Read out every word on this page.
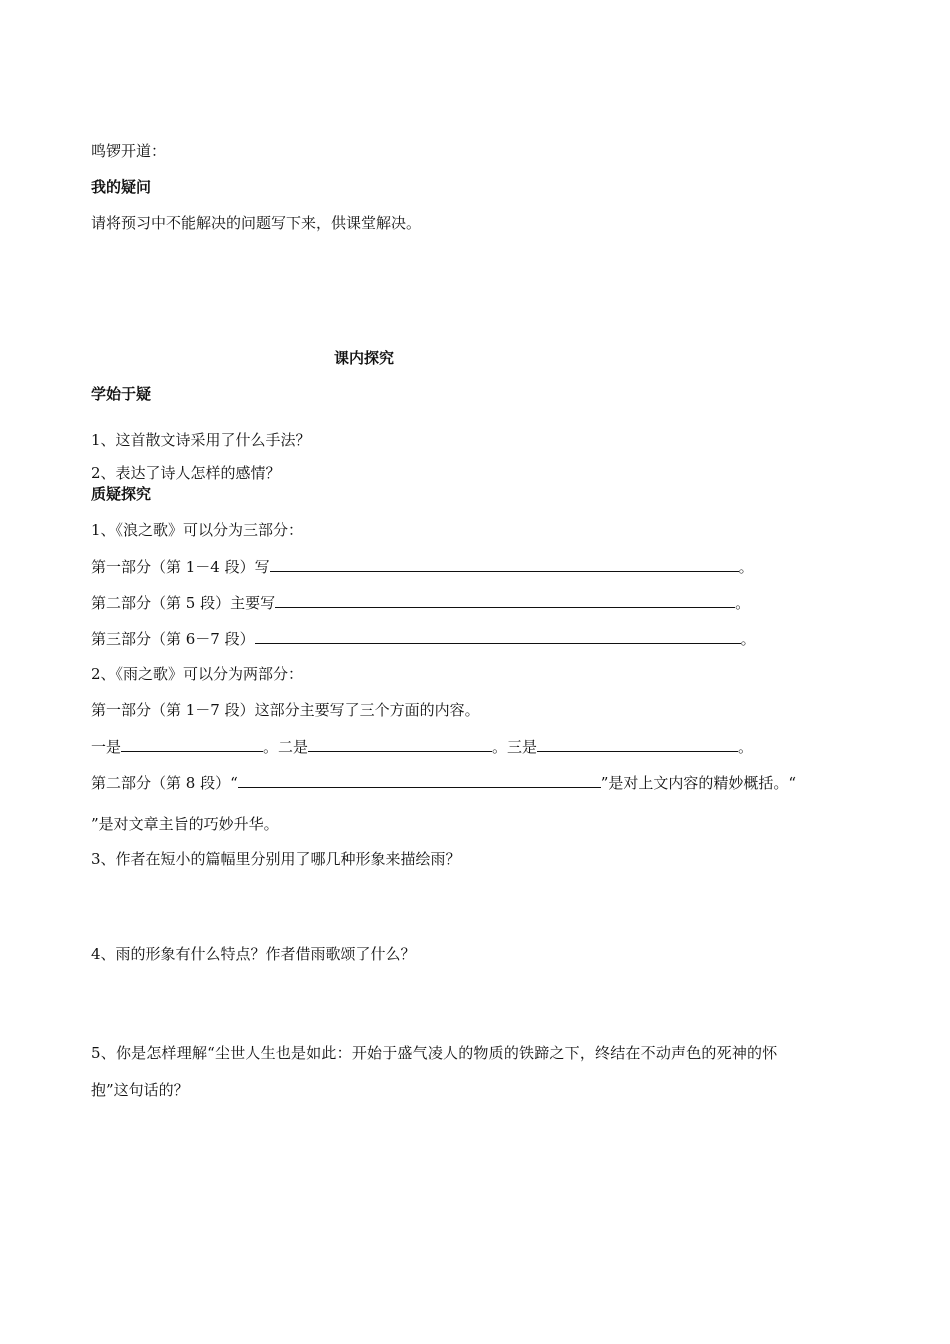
鸣锣开道：
我的疑问
请将预习中不能解决的问题写下来，供课堂解决。
课内探究
学始于疑
1、这首散文诗采用了什么手法？
2、表达了诗人怎样的感情？
质疑探究
1、《浪之歌》可以分为三部分：
第一部分（第 1－4 段）写	。
第二部分（第 5 段）主要写	。
第三部分（第 6－7 段）	。
2、《雨之歌》可以分为两部分：
第一部分（第 1－7 段）这部分主要写了三个方面的内容。
一是	。二是	。三是	。
第二部分（第 8 段）“	”是对上文内容的精妙概括。“
”是对文章主旨的巧妙升华。
3、作者在短小的篇幅里分别用了哪几种形象来描绘雨？
4、雨的形象有什么特点？作者借雨歌颂了什么？
5、你是怎样理解“尘世人生也是如此：开始于盛气凌人的物质的铁蹄之下，终结在不动声色的死神的怀
抱”这句话的？
